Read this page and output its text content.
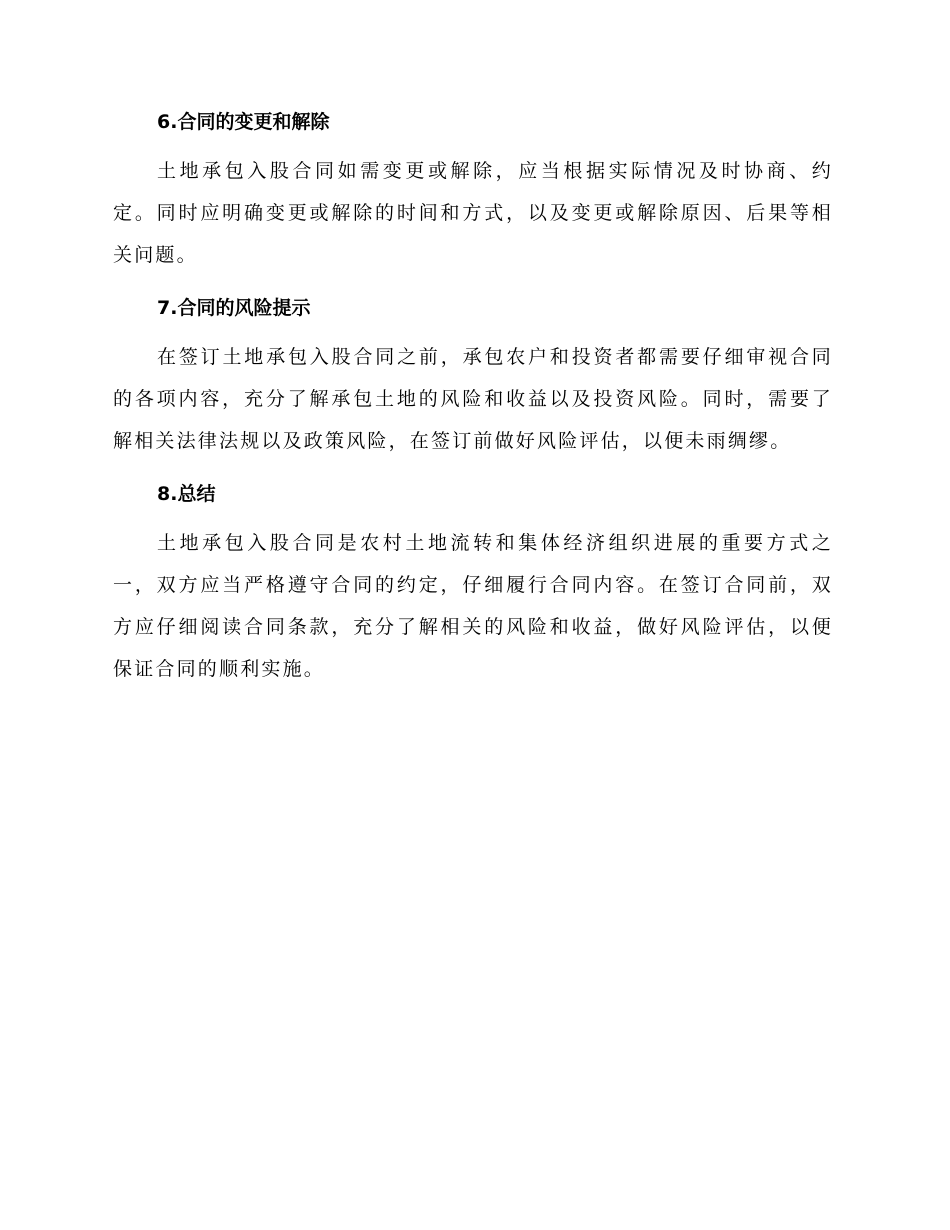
6.合同的变更和解除

土地承包入股合同如需变更或解除，应当根据实际情况及时协商、约定。同时应明确变更或解除的时间和方式，以及变更或解除原因、后果等相关问题。

7.合同的风险提示

在签订土地承包入股合同之前，承包农户和投资者都需要仔细审视合同的各项内容，充分了解承包土地的风险和收益以及投资风险。同时，需要了解相关法律法规以及政策风险，在签订前做好风险评估，以便未雨绸缪。

8.总结

土地承包入股合同是农村土地流转和集体经济组织进展的重要方式之一，双方应当严格遵守合同的约定，仔细履行合同内容。在签订合同前，双方应仔细阅读合同条款，充分了解相关的风险和收益，做好风险评估，以便保证合同的顺利实施。
